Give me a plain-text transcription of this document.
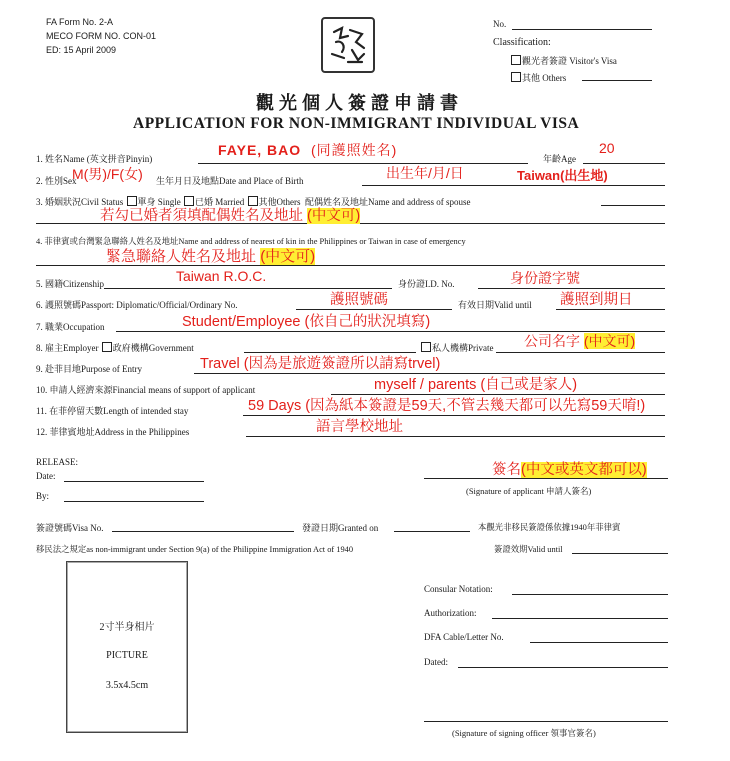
FA Form No. 2-A
MECO FORM NO. CON-01
ED: 15 April 2009
No.
Classification:
觀光者簽證 Visitor's Visa
其他 Others
觀光個人簽證申請書
APPLICATION FOR NON-IMMIGRANT INDIVIDUAL VISA
1. 姓名Name (英文拼音Pinyin)
FAYE, BAO (同護照姓名)
年齡Age
20
2. 性別Sex
M(男)/F(女) 生年月日及地點Date and Place of Birth	出生年/月/日	Taiwan(出生地)
3. 婚姻狀況Civil Status 單身 Single 已婚 Married 其他Others 配偶姓名及地址Name and address of spouse
若勾已婚者須填配偶姓名及地址 (中文可)
4. 菲律賓或台灣緊急聯絡人姓名及地址Name and address of nearest of kin in the Philippines or Taiwan in case of emergency
緊急聯絡人姓名及地址 (中文可)
5. 國籍Citizenship	Taiwan R.O.C.	身份證I.D. No.	身份證字號
6. 護照號碼Passport: Diplomatic/Official/Ordinary No.	護照號碼	有效日期Valid until 護照到期日
7. 職業Occupation	Student/Employee (依自己的狀況填寫)
8. 雇主Employer 政府機構Government	私人機構Private 公司名字 (中文可)
9. 赴菲目地Purpose of Entry	Travel (因為是旅遊簽證所以請寫trvel)
10. 申請人經濟來源Financial means of support of applicant	myself / parents (自己或是家人)
11. 在菲停留天數Length of intended stay	59 Days (因為紙本簽證是59天,不管去幾天都可以先寫59天唷!)
12. 菲律賓地址Address in the Philippines	語言學校地址
RELEASE:
Date:
By:
簽名(中文或英文都可以)
(Signature of applicant 申請人簽名)
簽證號碼Visa No.	發證日期Granted on	本觀光非移民簽證係依據1940年菲律賓
移民法之規定as non-immigrant under Section 9(a) of the Philippine Immigration Act of 1940	簽證效期Valid until
2寸半身相片
PICTURE
3.5x4.5cm
Consular Notation:
Authorization:
DFA Cable/Letter No.
Dated:
(Signature of signing officer 領事官簽名)
